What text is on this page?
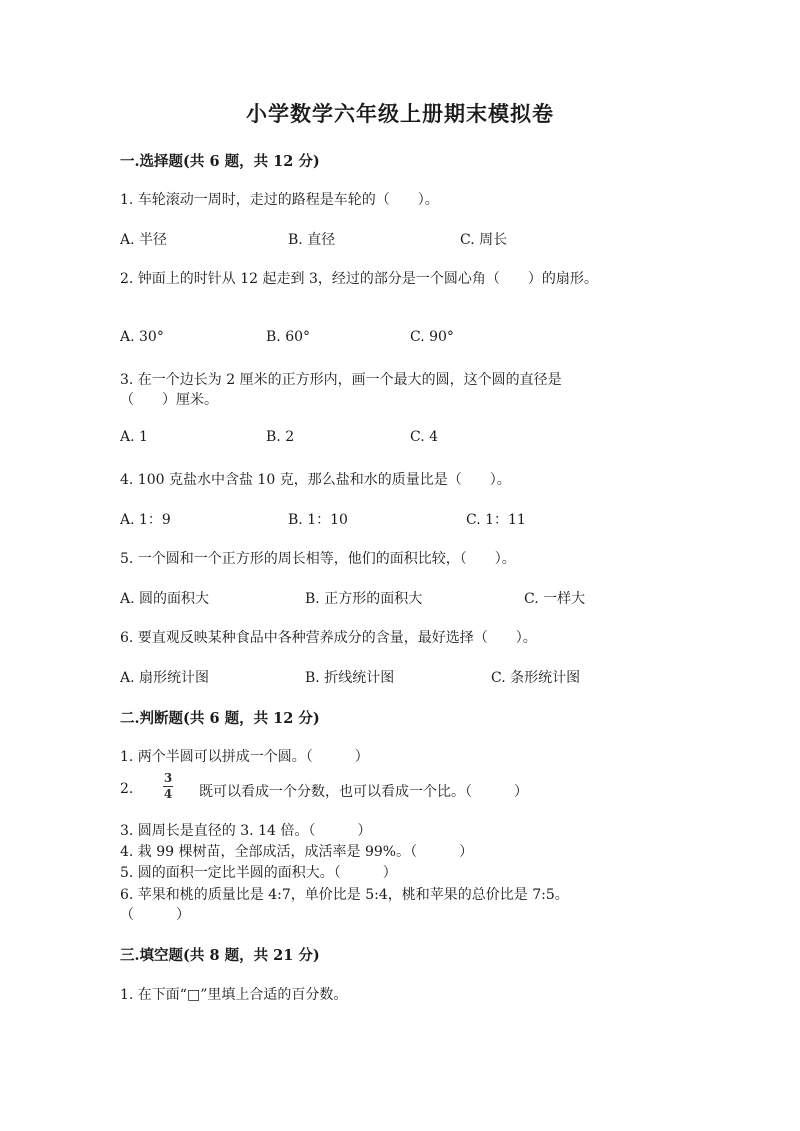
小学数学六年级上册期末模拟卷
一.选择题(共 6 题，共 12 分)
1. 车轮滚动一周时，走过的路程是车轮的（　　）。
A. 半径	B. 直径	C. 周长
2. 钟面上的时针从 12 起走到 3，经过的部分是一个圆心角（　　）的扇形。
A. 30°	B. 60°	C. 90°
3. 在一个边长为 2 厘米的正方形内，画一个最大的圆，这个圆的直径是
（　　）厘米。
A. 1	B. 2	C. 4
4. 100 克盐水中含盐 10 克，那么盐和水的质量比是（　　）。
A. 1：9	B. 1：10	C. 1：11
5. 一个圆和一个正方形的周长相等，他们的面积比较，（　　）。
A. 圆的面积大	B. 正方形的面积大	C. 一样大
6. 要直观反映某种食品中各种营养成分的含量，最好选择（　　）。
A. 扇形统计图	B. 折线统计图	C. 条形统计图
二.判断题(共 6 题，共 12 分)
1. 两个半圆可以拼成一个圆。（　　　）
2.
3
4 既可以看成一个分数，也可以看成一个比。（　　　）
3. 圆周长是直径的 3. 14 倍。（　　　）
4. 栽 99 棵树苗，全部成活，成活率是 99%。（　　　）
5. 圆的面积一定比半圆的面积大。（　　　）
6. 苹果和桃的质量比是 4:7，单价比是 5:4，桃和苹果的总价比是 7:5。
（　　　）
三.填空题(共 8 题，共 21 分)
1. 在下面“□”里填上合适的百分数。
